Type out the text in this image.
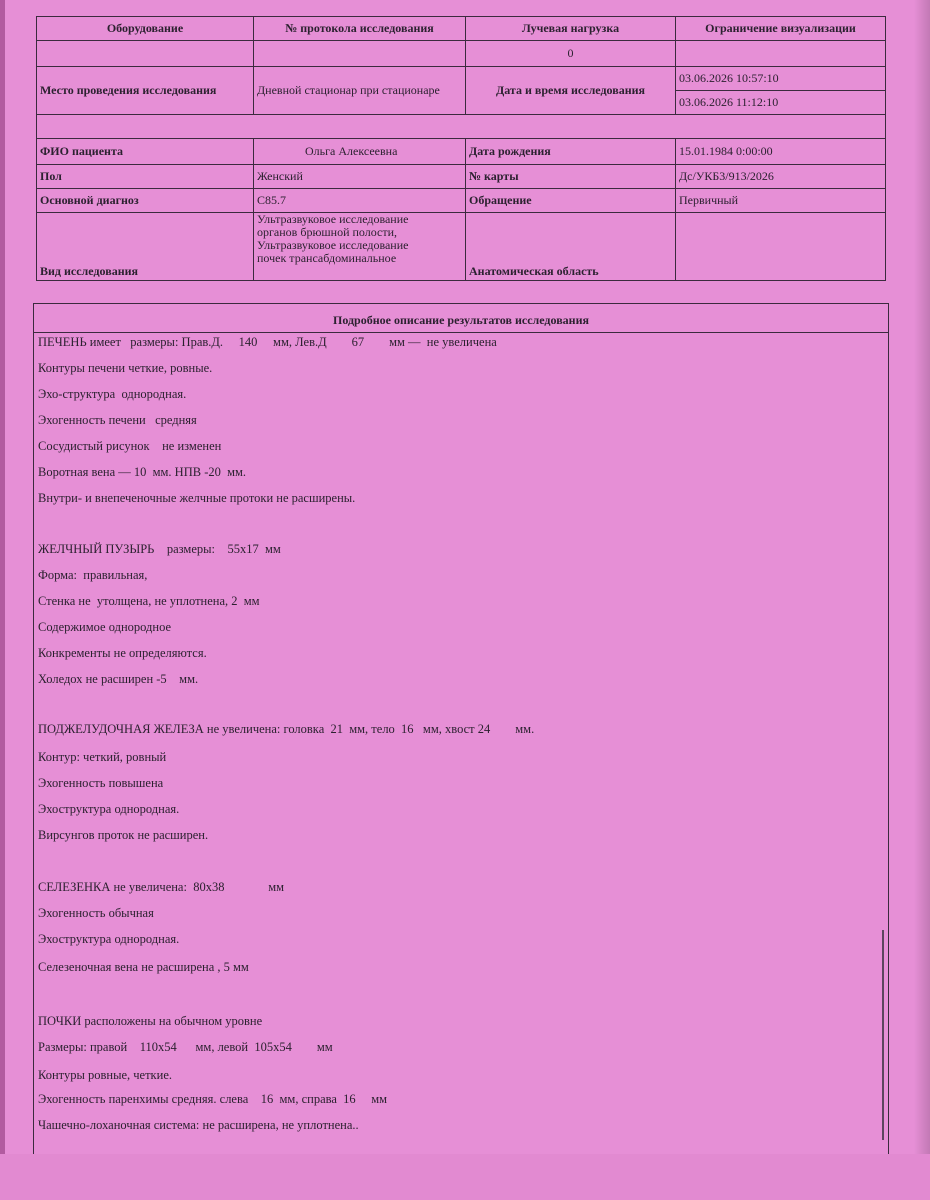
Оборудование	№ протокола исследования	Лучевая нагрузка	Ограничение визуализации
		0	
Место проведения исследования	Дневной стационар при стационаре	Дата и время исследования	03.06.2026 10:57:10
03.06.2026 11:12:10

ФИО пациента	Ольга Алексеевна	Дата рождения	15.01.1984 0:00:00
Пол	Женский	№ карты	Дс/УКБ3/913/2026
Основной диагноз	C85.7	Обращение	Первичный
Вид исследования	Ультразвуковое исследование
органов брюшной полости,
Ультразвуковое исследование
почек трансабдоминальное	Анатомическая область	
Подробное описание результатов исследования
ПЕЧЕНЬ имеет   размеры: Прав.Д.     140     мм, Лев.Д        67        мм —  не увеличена
Контуры печени четкие, ровные.
Эхо-структура  однородная.
Эхогенность печени   средняя
Сосудистый рисунок    не изменен
Воротная вена — 10  мм. НПВ -20  мм.
Внутри- и внепеченочные желчные протоки не расширены.
ЖЕЛЧНЫЙ ПУЗЫРЬ    размеры:    55х17  мм
Форма:  правильная,
Стенка не  утолщена, не уплотнена, 2  мм
Содержимое однородное
Конкременты не определяются.
Холедох не расширен -5    мм.
ПОДЖЕЛУДОЧНАЯ ЖЕЛЕЗА не увеличена: головка  21  мм, тело  16   мм, хвост 24        мм.
Контур: четкий, ровный
Эхогенность повышена
Эхоструктура однородная.
Вирсунгов проток не расширен.
СЕЛЕЗЕНКА не увеличена:  80х38              мм
Эхогенность обычная
Эхоструктура однородная.
Селезеночная вена не расширена , 5 мм
ПОЧКИ расположены на обычном уровне
Размеры: правой    110х54      мм, левой  105х54        мм
Контуры ровные, четкие.
Эхогенность паренхимы средняя. слева    16  мм, справа  16     мм
Чашечно-лоханочная система: не расширена, не уплотнена..
